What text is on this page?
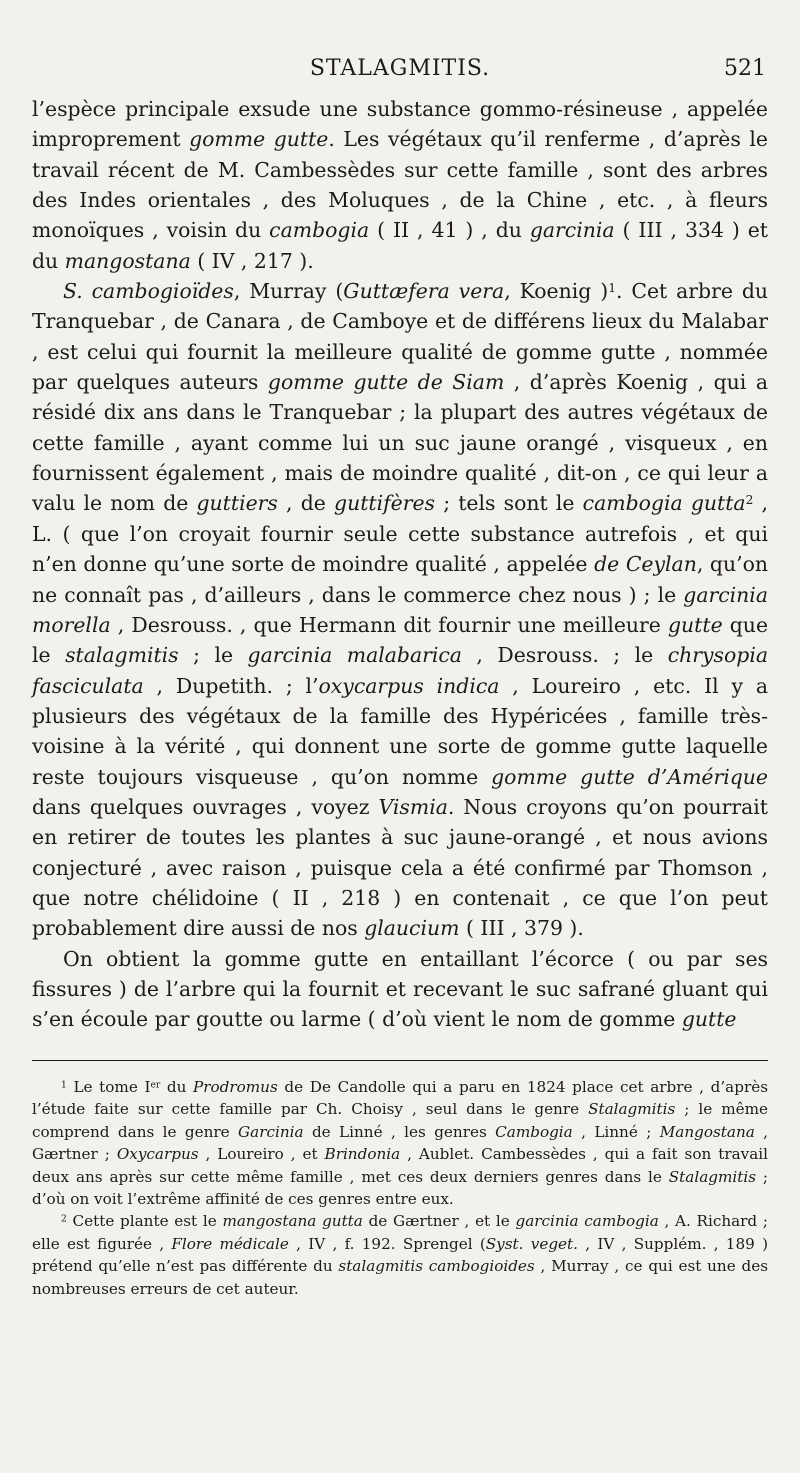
STALAGMITIS.	521

l’espèce principale exsude une substance gommo-résineuse , appelée improprement gomme gutte. Les végétaux qu’il renferme , d’après le travail récent de M. Cambessèdes sur cette famille , sont des arbres des Indes orientales , des Moluques , de la Chine , etc. , à fleurs monoïques , voisin du cambogia ( II , 41 ) , du garcinia ( III , 334 ) et du mangostana ( IV , 217 ).

S. cambogioïdes, Murray (Guttæfera vera, Koenig )$^1$. Cet arbre du Tranquebar , de Canara , de Camboye et de différens lieux du Malabar , est celui qui fournit la meilleure qualité de gomme gutte , nommée par quelques auteurs gomme gutte de Siam , d’après Koenig , qui a résidé dix ans dans le Tranquebar ; la plupart des autres végétaux de cette famille , ayant comme lui un suc jaune orangé , visqueux , en fournissent également , mais de moindre qualité , dit-on , ce qui leur a valu le nom de guttiers , de guttifères ; tels sont le cambogia gutta$^2$ , L. ( que l’on croyait fournir seule cette substance autrefois , et qui n’en donne qu’une sorte de moindre qualité , appelée de Ceylan, qu’on ne connaît pas , d’ailleurs , dans le commerce chez nous ) ; le garcinia morella , Desrouss. , que Hermann dit fournir une meilleure gutte que le stalagmitis ; le garcinia malabarica , Desrouss. ; le chrysopia fasciculata , Dupetith. ; l’oxycarpus indica , Loureiro , etc. Il y a plusieurs des végétaux de la famille des Hypéricées , famille très-voisine à la vérité , qui donnent une sorte de gomme gutte laquelle reste toujours visqueuse , qu’on nomme gomme gutte d’Amérique dans quelques ouvrages , voyez Vismia. Nous croyons qu’on pourrait en retirer de toutes les plantes à suc jaune-orangé , et nous avions conjecturé , avec raison , puisque cela a été confirmé par Thomson , que notre chélidoine ( II , 218 ) en contenait , ce que l’on peut probablement dire aussi de nos glaucium ( III , 379 ).

On obtient la gomme gutte en entaillant l’écorce ( ou par ses fissures ) de l’arbre qui la fournit et recevant le suc safrané gluant qui s’en écoule par goutte ou larme ( d’où vient le nom de gomme gutte

$^1$ Le tome Ier du Prodromus de De Candolle qui a paru en 1824 place cet arbre , d’après l’étude faite sur cette famille par Ch. Choisy , seul dans le genre Stalagmitis ; le même comprend dans le genre Garcinia de Linné , les genres Cambogia , Linné ; Mangostana , Gærtner ; Oxycarpus , Loureiro , et Brindonia , Aublet. Cambessèdes , qui a fait son travail deux ans après sur cette même famille , met ces deux derniers genres dans le Stalagmitis ; d’où on voit l’extrême affinité de ces genres entre eux.

$^2$ Cette plante est le mangostana gutta de Gærtner , et le garcinia cambogia , A. Richard ; elle est figurée , Flore médicale , IV , f. 192. Sprengel (Syst. veget. , IV , Supplém. , 189 ) prétend qu’elle n’est pas différente du stalagmitis cambogioides , Murray , ce qui est une des nombreuses erreurs de cet auteur.
